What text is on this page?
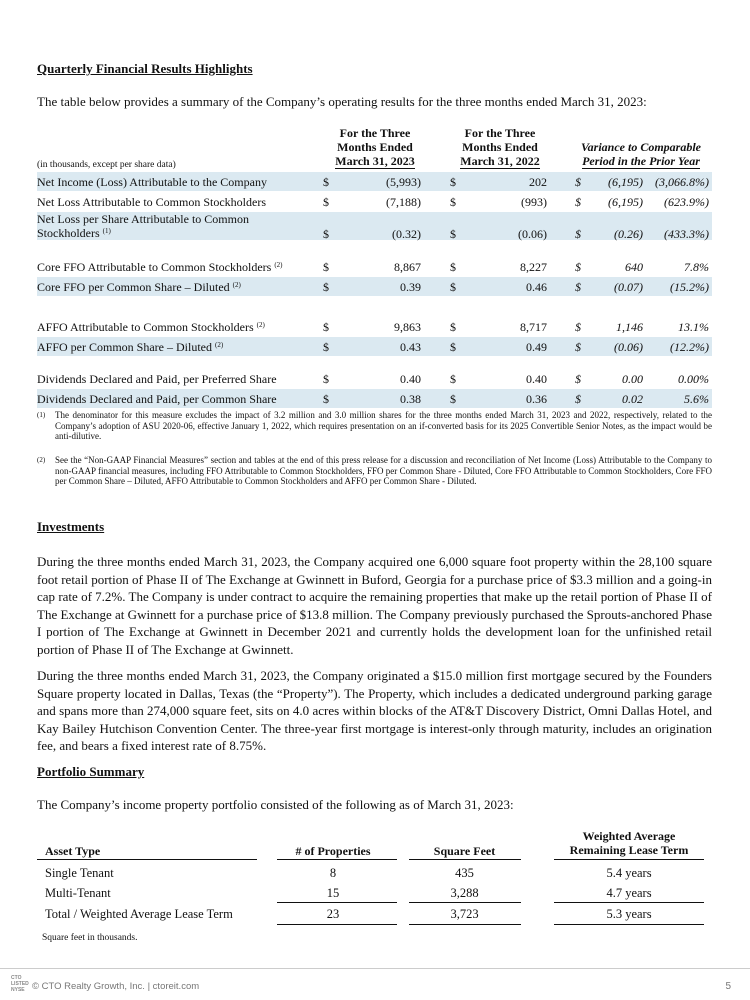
Quarterly Financial Results Highlights
The table below provides a summary of the Company’s operating results for the three months ended March 31, 2023:
(in thousands, except per share data)
For the Three
Months Ended
March 31, 2023
For the Three
Months Ended
March 31, 2022
Variance to Comparable
Period in the Prior Year
Net Income (Loss) Attributable to the Company	$	(5,993) $	202 $	(6,195)	(3,066.8%)
Net Loss Attributable to Common Stockholders	$	(7,188) $	(993) $	(6,195)	(623.9%)
Net Loss per Share Attributable to Common
Stockholders $^{(1)}$	$	(0.32) $	(0.06) $	(0.26)	(433.3%)
Core FFO Attributable to Common Stockholders $^{(2)}$	$	8,867 $	8,227 $	640	7.8%
Core FFO per Common Share – Diluted $^{(2)}$	$	0.39 $	0.46 $	(0.07)	(15.2%)
AFFO Attributable to Common Stockholders $^{(2)}$	$	9,863 $	8,717 $	1,146	13.1%
AFFO per Common Share – Diluted $^{(2)}$	$	0.43 $	0.49 $	(0.06)	(12.2%)
Dividends Declared and Paid, per Preferred Share	$	0.40 $	0.40 $	0.00	0.00%
Dividends Declared and Paid, per Common Share	$	0.38 $	0.36 $	0.02	5.6%
(1) The denominator for this measure excludes the impact of 3.2 million and 3.0 million shares for the three months ended March 31, 2023 and 2022, respectively, related to the Company’s adoption of ASU 2020-06, effective January 1, 2022, which requires presentation on an if-converted basis for its 2025 Convertible Senior Notes, as the impact would be anti-dilutive.
(2) See the “Non-GAAP Financial Measures” section and tables at the end of this press release for a discussion and reconciliation of Net Income (Loss) Attributable to the Company to non-GAAP financial measures, including FFO Attributable to Common Stockholders, FFO per Common Share - Diluted, Core FFO Attributable to Common Stockholders, Core FFO per Common Share – Diluted, AFFO Attributable to Common Stockholders and AFFO per Common Share - Diluted.
Investments

During the three months ended March 31, 2023, the Company acquired one 6,000 square foot property within the 28,100 square foot retail portion of Phase II of The Exchange at Gwinnett in Buford, Georgia for a purchase price of $3.3 million and a going-in cap rate of 7.2%. The Company is under contract to acquire the remaining properties that make up the retail portion of Phase II of The Exchange at Gwinnett for a purchase price of $13.8 million. The Company previously purchased the Sprouts-anchored Phase I portion of The Exchange at Gwinnett in December 2021 and currently holds the development loan for the unfinished retail portion of Phase II of The Exchange at Gwinnett.

During the three months ended March 31, 2023, the Company originated a $15.0 million first mortgage secured by the Founders Square property located in Dallas, Texas (the “Property”). The Property, which includes a dedicated underground parking garage and spans more than 274,000 square feet, sits on 4.0 acres within blocks of the AT&T Discovery District, Omni Dallas Hotel, and Kay Bailey Hutchison Convention Center. The three-year first mortgage is interest-only through maturity, includes an origination fee, and bears a fixed interest rate of 8.75%.

Portfolio Summary
The Company’s income property portfolio consisted of the following as of March 31, 2023:
Asset Type	# of Properties	Square Feet
Weighted Average
Remaining Lease Term
Single Tenant	8	435	5.4 years
Multi-Tenant	15	3,288	4.7 years
Total / Weighted Average Lease Term	23	3,723	5.3 years
Square feet in thousands.
CTO
LISTED
NYSE © CTO Realty Growth, Inc. | ctoreit.com	5
